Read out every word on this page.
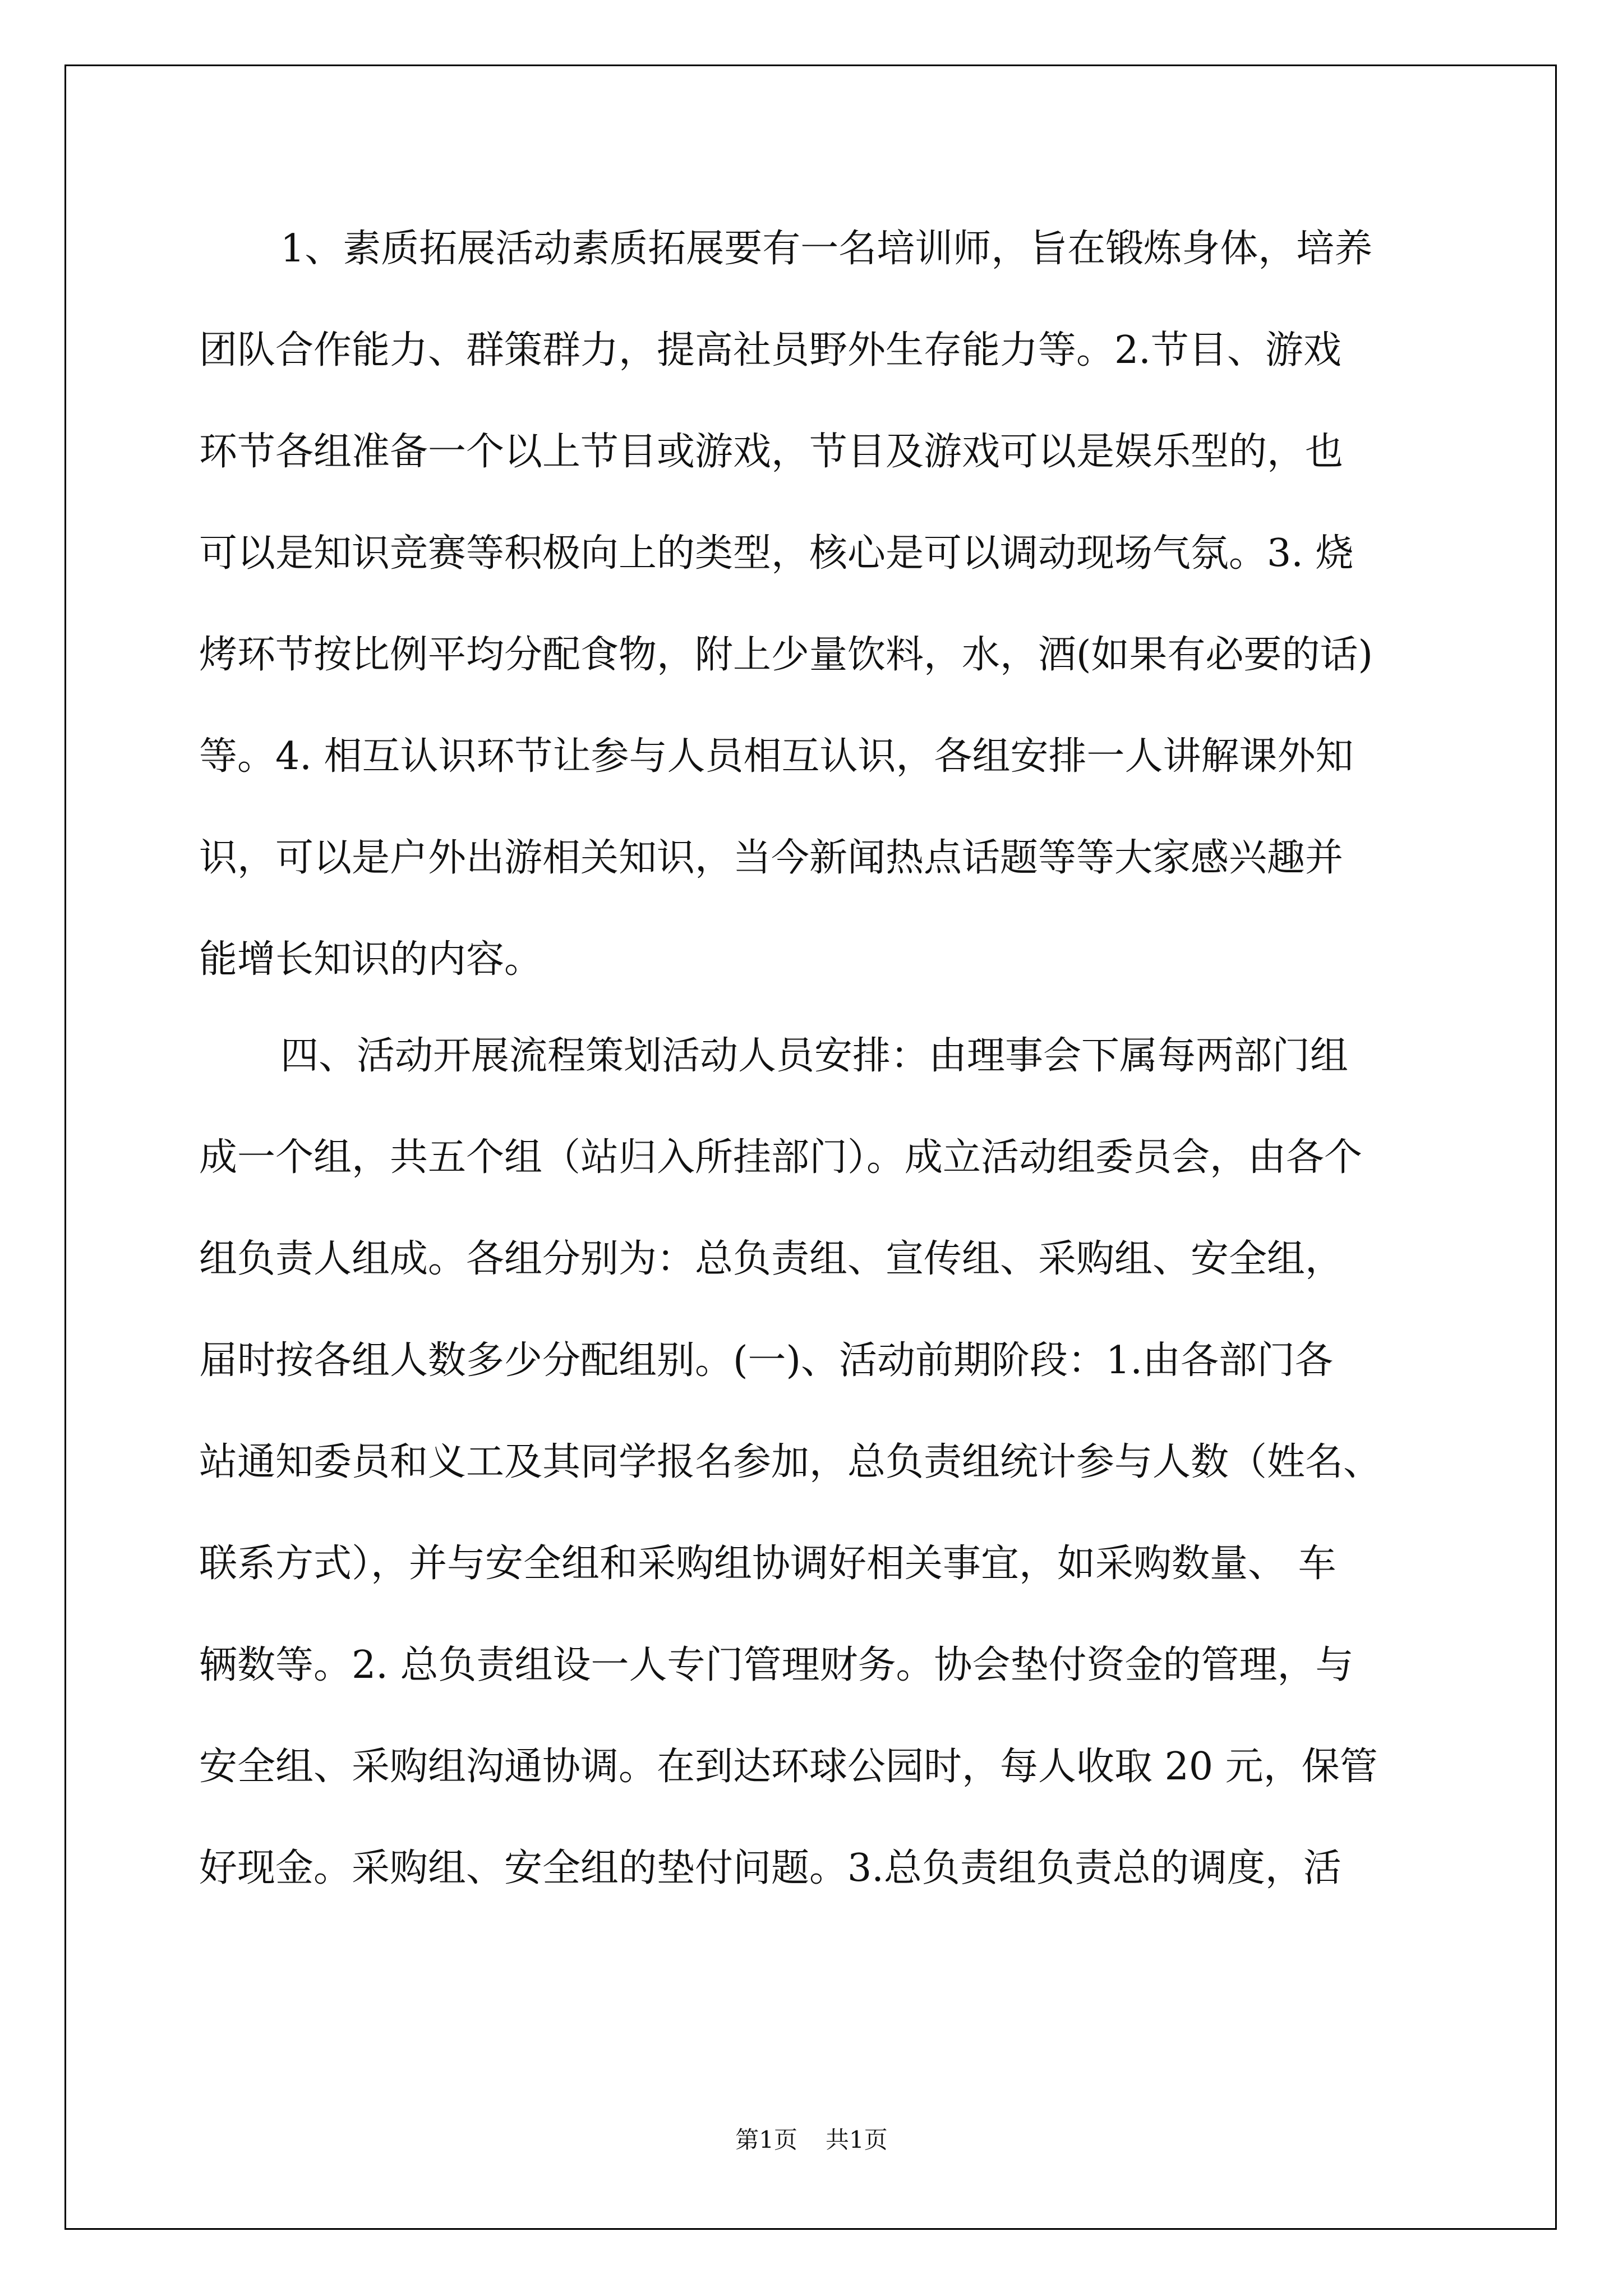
1、素质拓展活动素质拓展要有一名培训师，旨在锻炼身体，培养
团队合作能力、群策群力，提高社员野外生存能力等。2.节目、游戏
环节各组准备一个以上节目或游戏，节目及游戏可以是娱乐型的，也
可以是知识竞赛等积极向上的类型，核心是可以调动现场气氛。3. 烧
烤环节按比例平均分配食物，附上少量饮料，水，酒(如果有必要的话)
等。4. 相互认识环节让参与人员相互认识，各组安排一人讲解课外知
识，可以是户外出游相关知识，当今新闻热点话题等等大家感兴趣并
能增长知识的内容。
四、活动开展流程策划活动人员安排：由理事会下属每两部门组
成一个组，共五个组（站归入所挂部门）。成立活动组委员会，由各个
组负责人组成。各组分别为：总负责组、宣传组、采购组、安全组，
届时按各组人数多少分配组别。(一)、活动前期阶段：1.由各部门各
站通知委员和义工及其同学报名参加，总负责组统计参与人数（姓名、
联系方式），并与安全组和采购组协调好相关事宜，如采购数量、 车
辆数等。2. 总负责组设一人专门管理财务。协会垫付资金的管理，与
安全组、采购组沟通协调。在到达环球公园时，每人收取 20 元，保管
好现金。采购组、安全组的垫付问题。3.总负责组负责总的调度，活
第1页 共1页
